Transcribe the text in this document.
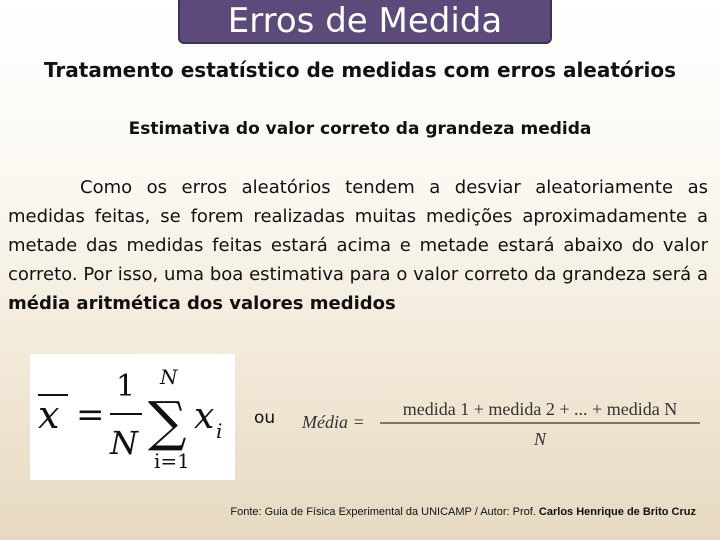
Erros de Medida
Tratamento estatístico de medidas com erros aleatórios
Estimativa do valor correto da grandeza medida
Como os erros aleatórios tendem a desviar aleatoriamente as medidas feitas, se forem realizadas muitas medições aproximadamente a metade das medidas feitas estará acima e metade estará abaixo do valor correto. Por isso, uma boa estimativa para o valor correto da grandeza será a média aritmética dos valores medidos
x =
1
N
N
∑
i=1
x i
ou Média =
medida 1 + medida 2 + ... + medida N
N
Fonte: Guia de Física Experimental da UNICAMP / Autor: Prof. Carlos Henrique de Brito Cruz
